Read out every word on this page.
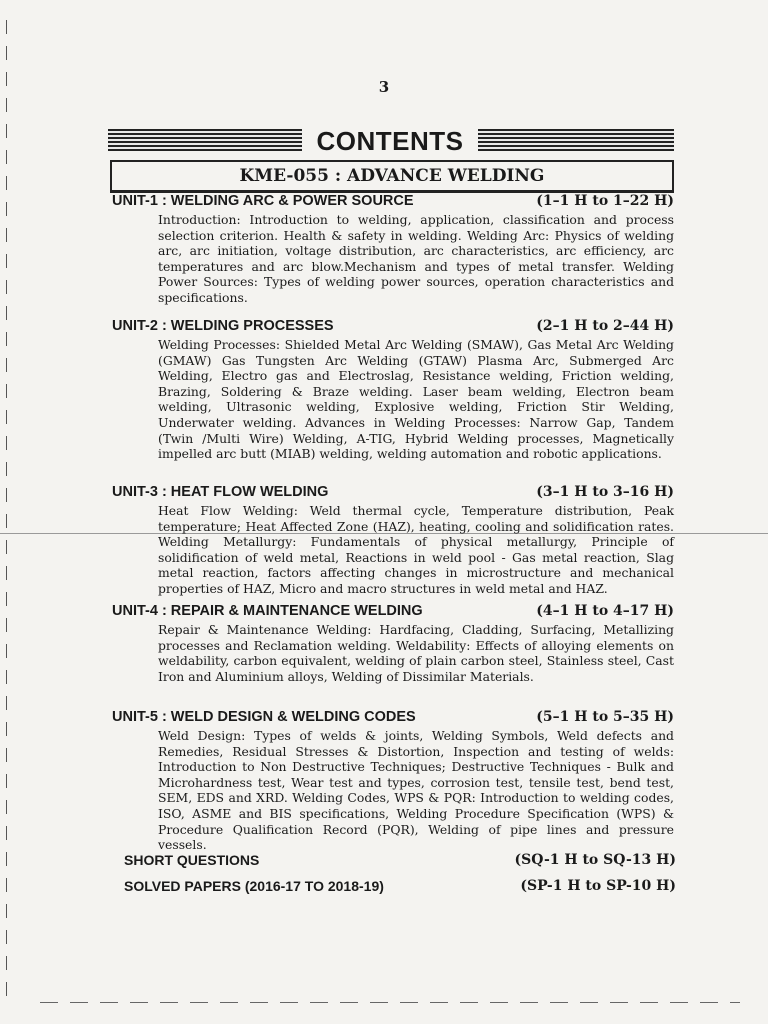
3
CONTENTS
KME-055 : ADVANCE WELDING
UNIT-1 : WELDING ARC & POWER SOURCE	(1–1 H to 1–22 H)
Introduction: Introduction to welding, application, classification and process selection criterion. Health & safety in welding. Welding Arc: Physics of welding arc, arc initiation, voltage distribution, arc characteristics, arc efficiency, arc temperatures and arc blow.Mechanism and types of metal transfer. Welding Power Sources: Types of welding power sources, operation characteristics and specifications.
UNIT-2 : WELDING PROCESSES	(2–1 H to 2–44 H)
Welding Processes: Shielded Metal Arc Welding (SMAW), Gas Metal Arc Welding (GMAW) Gas Tungsten Arc Welding (GTAW) Plasma Arc, Submerged Arc Welding, Electro gas and Electroslag, Resistance welding, Friction welding, Brazing, Soldering & Braze welding. Laser beam welding, Electron beam welding, Ultrasonic welding, Explosive welding, Friction Stir Welding, Underwater welding. Advances in Welding Processes: Narrow Gap, Tandem (Twin /Multi Wire) Welding, A-TIG, Hybrid Welding processes, Magnetically impelled arc butt (MIAB) welding, welding automation and robotic applications.
UNIT-3 : HEAT FLOW WELDING	(3–1 H to 3–16 H)
Heat Flow Welding: Weld thermal cycle, Temperature distribution, Peak temperature; Heat Affected Zone (HAZ), heating, cooling and solidification rates. Welding Metallurgy: Fundamentals of physical metallurgy, Principle of solidification of weld metal, Reactions in weld pool - Gas metal reaction, Slag metal reaction, factors affecting changes in microstructure and mechanical properties of HAZ, Micro and macro structures in weld metal and HAZ.
UNIT-4 : REPAIR & MAINTENANCE WELDING	(4–1 H to 4–17 H)
Repair & Maintenance Welding: Hardfacing, Cladding, Surfacing, Metallizing processes and Reclamation welding. Weldability: Effects of alloying elements on weldability, carbon equivalent, welding of plain carbon steel, Stainless steel, Cast Iron and Aluminium alloys, Welding of Dissimilar Materials.
UNIT-5 : WELD DESIGN & WELDING CODES	(5–1 H to 5–35 H)
Weld Design: Types of welds & joints, Welding Symbols, Weld defects and Remedies, Residual Stresses & Distortion, Inspection and testing of welds: Introduction to Non Destructive Techniques; Destructive Techniques - Bulk and Microhardness test, Wear test and types, corrosion test, tensile test, bend test, SEM, EDS and XRD. Welding Codes, WPS & PQR: Introduction to welding codes, ISO, ASME and BIS specifications, Welding Procedure Specification (WPS) & Procedure Qualification Record (PQR), Welding of pipe lines and pressure vessels.
SHORT QUESTIONS	(SQ-1 H to SQ-13 H)
SOLVED PAPERS (2016-17 TO 2018-19)	(SP-1 H to SP-10 H)
